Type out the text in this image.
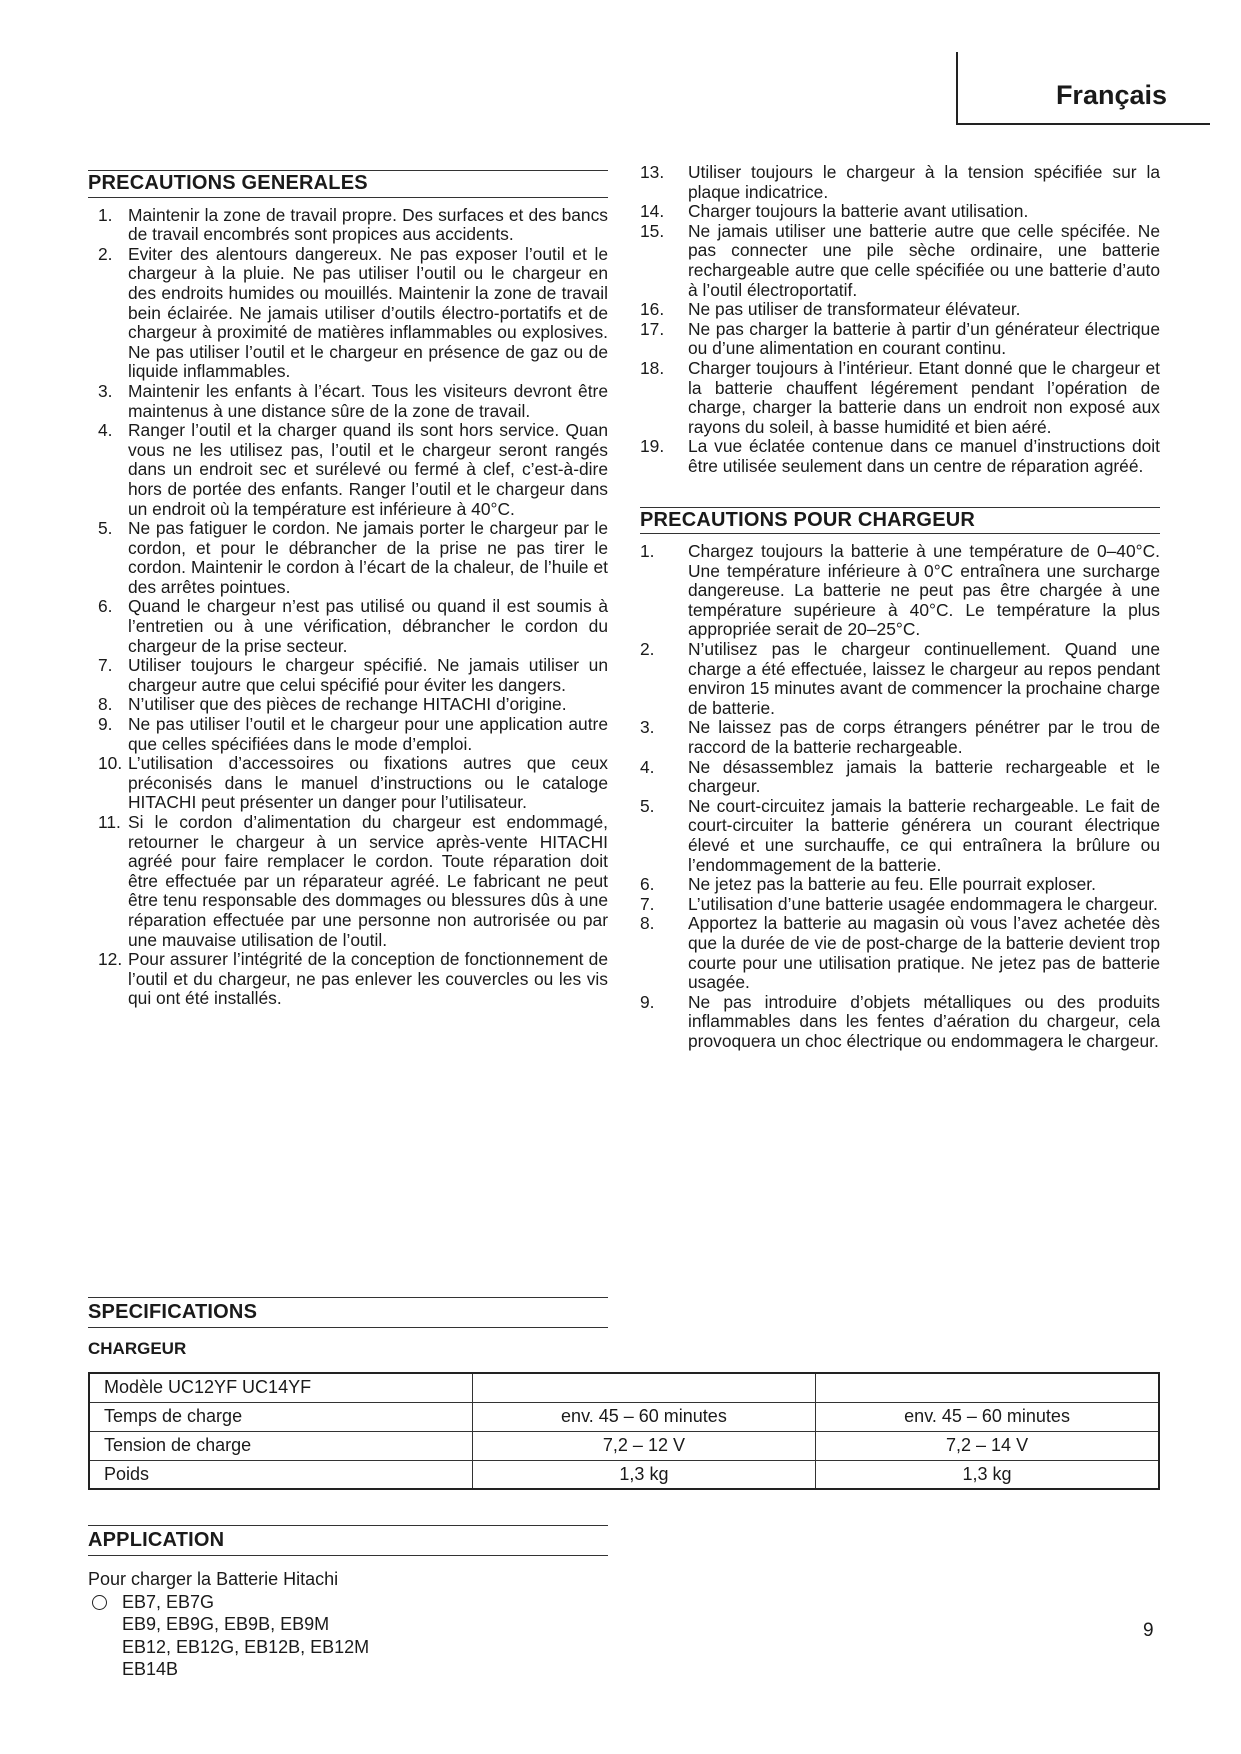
Français
PRECAUTIONS GENERALES
1. Maintenir la zone de travail propre. Des surfaces et des bancs de travail encombrés sont propices aus accidents.
2. Eviter des alentours dangereux. Ne pas exposer l’outil et le chargeur à la pluie. Ne pas utiliser l’outil ou le chargeur en des endroits humides ou mouillés. Maintenir la zone de travail bein éclairée. Ne jamais utiliser d’outils électro-portatifs et de chargeur à proximité de matières inflammables ou explosives. Ne pas utiliser l’outil et le chargeur en présence de gaz ou de liquide inflammables.
3. Maintenir les enfants à l’écart. Tous les visiteurs devront être maintenus à une distance sûre de la zone de travail.
4. Ranger l’outil et la charger quand ils sont hors service. Quan vous ne les utilisez pas, l’outil et le chargeur seront rangés dans un endroit sec et surélevé ou fermé à clef, c’est-à-dire hors de portée des enfants. Ranger l’outil et le chargeur dans un endroit où la température est inférieure à 40°C.
5. Ne pas fatiguer le cordon. Ne jamais porter le chargeur par le cordon, et pour le débrancher de la prise ne pas tirer le cordon. Maintenir le cordon à l’écart de la chaleur, de l’huile et des arrêtes pointues.
6. Quand le chargeur n’est pas utilisé ou quand il est soumis à l’entretien ou à une vérification, débrancher le cordon du chargeur de la prise secteur.
7. Utiliser toujours le chargeur spécifié. Ne jamais utiliser un chargeur autre que celui spécifié pour éviter les dangers.
8. N’utiliser que des pièces de rechange HITACHI d’origine.
9. Ne pas utiliser l’outil et le chargeur pour une application autre que celles spécifiées dans le mode d’emploi.
10. L’utilisation d’accessoires ou fixations autres que ceux préconisés dans le manuel d’instructions ou le cataloge HITACHI peut présenter un danger pour l’utilisateur.
11. Si le cordon d’alimentation du chargeur est endommagé, retourner le chargeur à un service après-vente HITACHI agréé pour faire remplacer le cordon. Toute réparation doit être effectuée par un réparateur agréé. Le fabricant ne peut être tenu responsable des dommages ou blessures dûs à une réparation effectuée par une personne non autrorisée ou par une mauvaise utilisation de l’outil.
12. Pour assurer l’intégrité de la conception de fonctionnement de l’outil et du chargeur, ne pas enlever les couvercles ou les vis qui ont été installés.
13.	Utiliser toujours le chargeur à la tension spécifiée sur la plaque indicatrice.
14.	Charger toujours la batterie avant utilisation.
15.	Ne jamais utiliser une batterie autre que celle spécifée. Ne pas connecter une pile sèche ordinaire, une batterie rechargeable autre que celle spécifiée ou une batterie d’auto à l’outil électroportatif.
16.	Ne pas utiliser de transformateur élévateur.
17.	Ne pas charger la batterie à partir d’un générateur électrique ou d’une alimentation en courant continu.
18.	Charger toujours à l’intérieur. Etant donné que le chargeur et la batterie chauffent légérement pendant l’opération de charge, charger la batterie dans un endroit non exposé aux rayons du soleil, à basse humidité et bien aéré.
19.	La vue éclatée contenue dans ce manuel d’instructions doit être utilisée seulement dans un centre de réparation agréé.
PRECAUTIONS POUR CHARGEUR
1.	Chargez toujours la batterie à une température de 0–40°C. Une température inférieure à 0°C entraînera une surcharge dangereuse. La batterie ne peut pas être chargée à une température supérieure à 40°C. Le température la plus appropriée serait de 20–25°C.
2.	N’utilisez pas le chargeur continuellement. Quand une charge a été effectuée, laissez le chargeur au repos pendant environ 15 minutes avant de commencer la prochaine charge de batterie.
3.	Ne laissez pas de corps étrangers pénétrer par le trou de raccord de la batterie rechargeable.
4.	Ne désassemblez jamais la batterie rechargeable et le chargeur.
5.	Ne court-circuitez jamais la batterie rechargeable. Le fait de court-circuiter la batterie générera un courant électrique élevé et une surchauffe, ce qui entraînera la brûlure ou l’endommagement de la batterie.
6.	Ne jetez pas la batterie au feu. Elle pourrait exploser.
7.	L’utilisation d’une batterie usagée endommagera le chargeur.
8.	Apportez la batterie au magasin où vous l’avez achetée dès que la durée de vie de post-charge de la batterie devient trop courte pour une utilisation pratique. Ne jetez pas de batterie usagée.
9.	Ne pas introduire d’objets métalliques ou des produits inflammables dans les fentes d’aération du chargeur, cela provoquera un choc électrique ou endommagera le chargeur.
SPECIFICATIONS
CHARGEUR
Modèle UC12YF UC14YF		
Temps de charge	env. 45 – 60 minutes	env. 45 – 60 minutes
Tension de charge	7,2 – 12 V	7,2 – 14 V
Poids	1,3 kg	1,3 kg
APPLICATION
Pour charger la Batterie Hitachi
EB7, EB7G
EB9, EB9G, EB9B, EB9M
EB12, EB12G, EB12B, EB12M
EB14B
9
